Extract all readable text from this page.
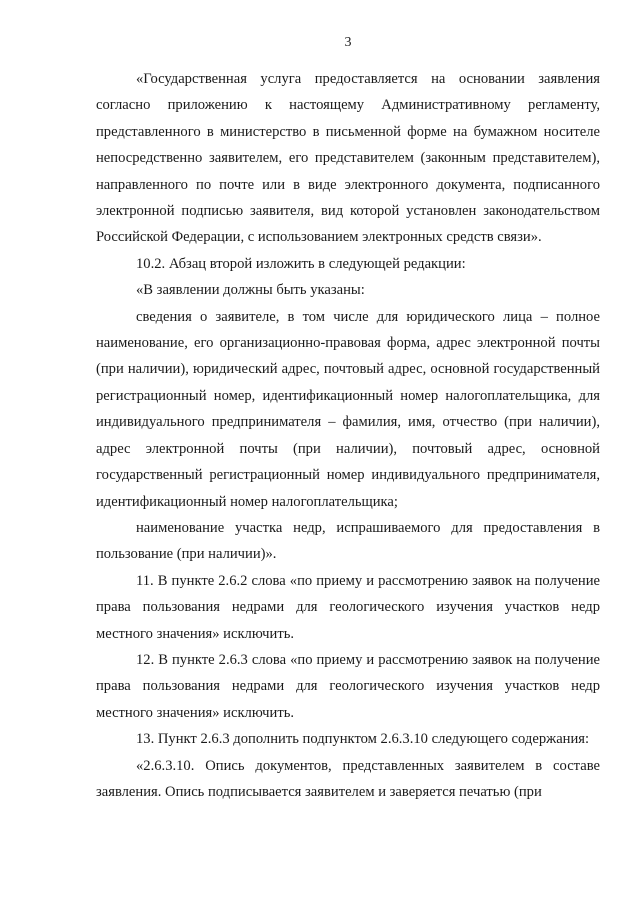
3

«Государственная услуга предоставляется на основании заявления согласно приложению к настоящему Административному регламенту, представленного в министерство в письменной форме на бумажном носителе непосредственно заявителем, его представителем (законным представителем), направленного по почте или в виде электронного документа, подписанного электронной подписью заявителя, вид которой установлен законодательством Российской Федерации, с использованием электронных средств связи».

10.2. Абзац второй изложить в следующей редакции:

«В заявлении должны быть указаны:

сведения о заявителе, в том числе для юридического лица – полное наименование, его организационно-правовая форма, адрес электронной почты (при наличии), юридический адрес, почтовый адрес, основной государственный регистрационный номер, идентификационный номер налогоплательщика, для индивидуального предпринимателя – фамилия, имя, отчество (при наличии), адрес электронной почты (при наличии), почтовый адрес, основной государственный регистрационный номер индивидуального предпринимателя, идентификационный номер налогоплательщика;

наименование участка недр, испрашиваемого для предоставления в пользование (при наличии)».

11. В пункте 2.6.2 слова «по приему и рассмотрению заявок на получение права пользования недрами для геологического изучения участков недр местного значения» исключить.

12. В пункте 2.6.3 слова «по приему и рассмотрению заявок на получение права пользования недрами для геологического изучения участков недр местного значения» исключить.

13. Пункт 2.6.3 дополнить подпунктом 2.6.3.10 следующего содержания:

«2.6.3.10. Опись документов, представленных заявителем в составе заявления. Опись подписывается заявителем и заверяется печатью (при
